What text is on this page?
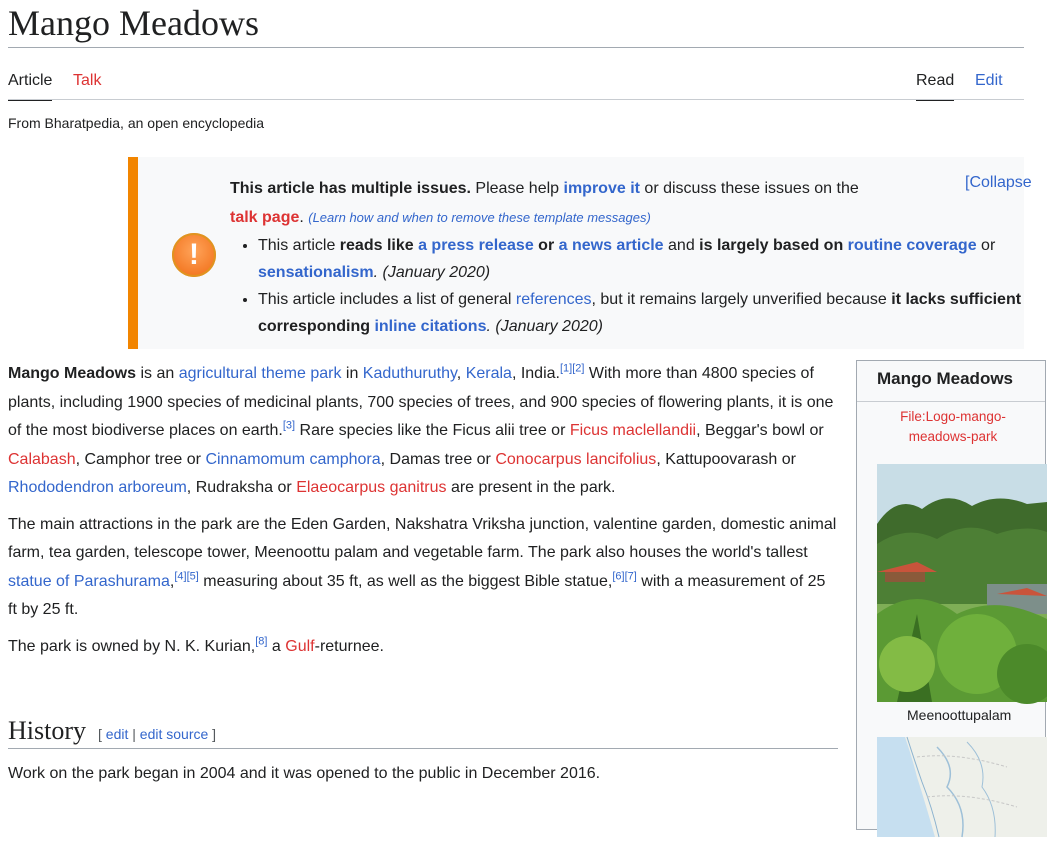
Mango Meadows
Article Talk	Read Edit
From Bharatpedia, an open encyclopedia
!
[Collapse
This article has multiple issues. Please help improve it or discuss these issues on the
talk page. (Learn how and when to remove these template messages)
• This article reads like a press release or a news article and is largely based on routine coverage or sensationalism. (January 2020)
• This article includes a list of general references, but it remains largely unverified because it lacks sufficient corresponding inline citations. (January 2020)

Mango Meadows is an agricultural theme park in Kaduthuruthy, Kerala, India.[1][2] With more than 4800 species of plants, including 1900 species of medicinal plants, 700 species of trees, and 900 species of flowering plants, it is one of the most biodiverse places on earth.[3] Rare species like the Ficus alii tree or Ficus maclellandii, Beggar's bowl or Calabash, Camphor tree or Cinnamomum camphora, Damas tree or Conocarpus lancifolius, Kattupoovarash or Rhododendron arboreum, Rudraksha or Elaeocarpus ganitrus are present in the park.

The main attractions in the park are the Eden Garden, Nakshatra Vriksha junction, valentine garden, domestic animal farm, tea garden, telescope tower, Meenoottu palam and vegetable farm. The park also houses the world's tallest statue of Parashurama,[4][5] measuring about 35 ft, as well as the biggest Bible statue,[6][7] with a measurement of 25 ft by 25 ft.

The park is owned by N. K. Kurian,[8] a Gulf-returnee.

History [ edit | edit source ]
Work on the park began in 2004 and it was opened to the public in December 2016.
Mango Meadows
File:Logo-mango-meadows-park
Meenoottupalam
